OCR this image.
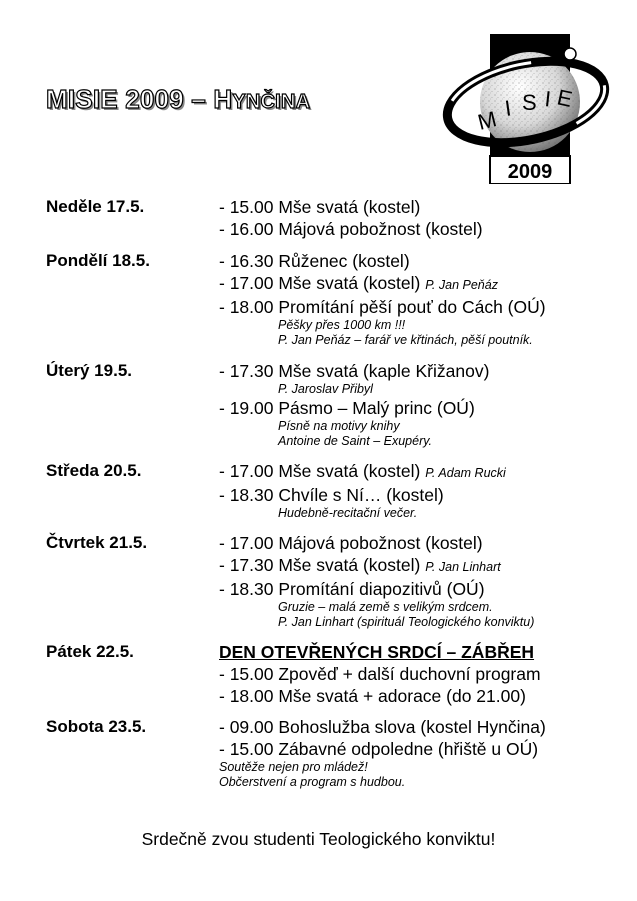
MISIE 2009 – HYNČINA
M I S I E
2009
Neděle 17.5.	- 15.00 Mše svatá (kostel)
- 16.00 Májová pobožnost (kostel)
Pondělí 18.5.	- 16.30 Růženec (kostel)
- 17.00 Mše svatá (kostel) P. Jan Peňáz
- 18.00 Promítání pěší pouť do Cách (OÚ)
Pěšky přes 1000 km !!!
P. Jan Peňáz – farář ve křtinách, pěší poutník.
Úterý 19.5.	- 17.30 Mše svatá (kaple Křižanov)
P. Jaroslav Přibyl
- 19.00 Pásmo – Malý princ (OÚ)
Písně na motivy knihy
Antoine de Saint – Exupéry.
Středa 20.5.	- 17.00 Mše svatá (kostel) P. Adam Rucki
- 18.30 Chvíle s Ní… (kostel)
Hudebně-recitační večer.
Čtvrtek 21.5.	- 17.00 Májová pobožnost (kostel)
- 17.30 Mše svatá (kostel) P. Jan Linhart
- 18.30 Promítání diapozitivů (OÚ)
Gruzie – malá země s velikým srdcem.
P. Jan Linhart (spirituál Teologického konviktu)
Pátek 22.5.	DEN OTEVŘENÝCH SRDCÍ – ZÁBŘEH
- 15.00 Zpověď + další duchovní program
- 18.00 Mše svatá + adorace (do 21.00)
Sobota 23.5.	- 09.00 Bohoslužba slova (kostel Hynčina)
- 15.00 Zábavné odpoledne (hřiště u OÚ)
Soutěže nejen pro mládež!
Občerstvení a program s hudbou.
Srdečně zvou studenti Teologického konviktu!
